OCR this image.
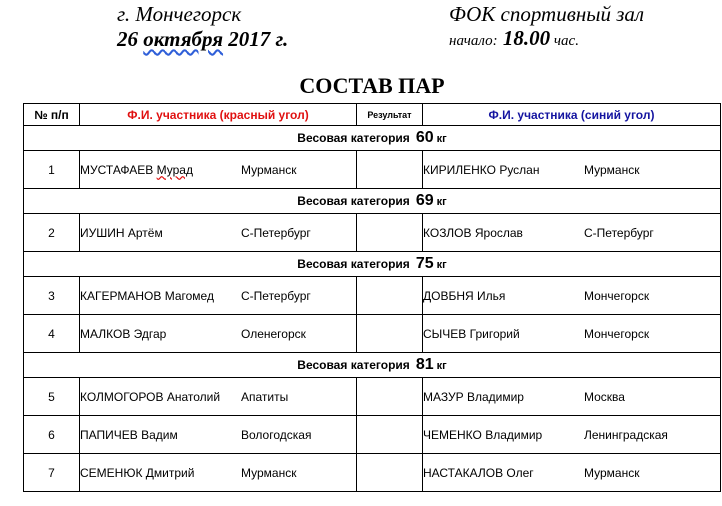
г. Мончегорск	ФОК спортивный зал
26 октября 2017 г.	начало: 18.00 час.
СОСТАВ ПАР
№ п/п	Ф.И. участника (красный угол)	Результат	Ф.И. участника (синий угол)
Весовая категория 60 кг			
1	МУСТАФАЕВ Мурад Мурманск		КИРИЛЕНКО Руслан Мурманск
Весовая категория 69 кг			
2	ИУШИН Артём С-Петербург		КОЗЛОВ Ярослав С-Петербург
Весовая категория 75 кг			
3	КАГЕРМАНОВ Магомед С-Петербург		ДОВБНЯ Илья Мончегорск
4	МАЛКОВ Эдгар Оленегорск		СЫЧЕВ Григорий Мончегорск
Весовая категория 81 кг			
5	КОЛМОГОРОВ Анатолий Апатиты		МАЗУР Владимир Москва
6	ПАПИЧЕВ Вадим Вологодская		ЧЕМЕНКО Владимир Ленинградская
7	СЕМЕНЮК Дмитрий Мурманск		НАСТАКАЛОВ Олег Мурманск
